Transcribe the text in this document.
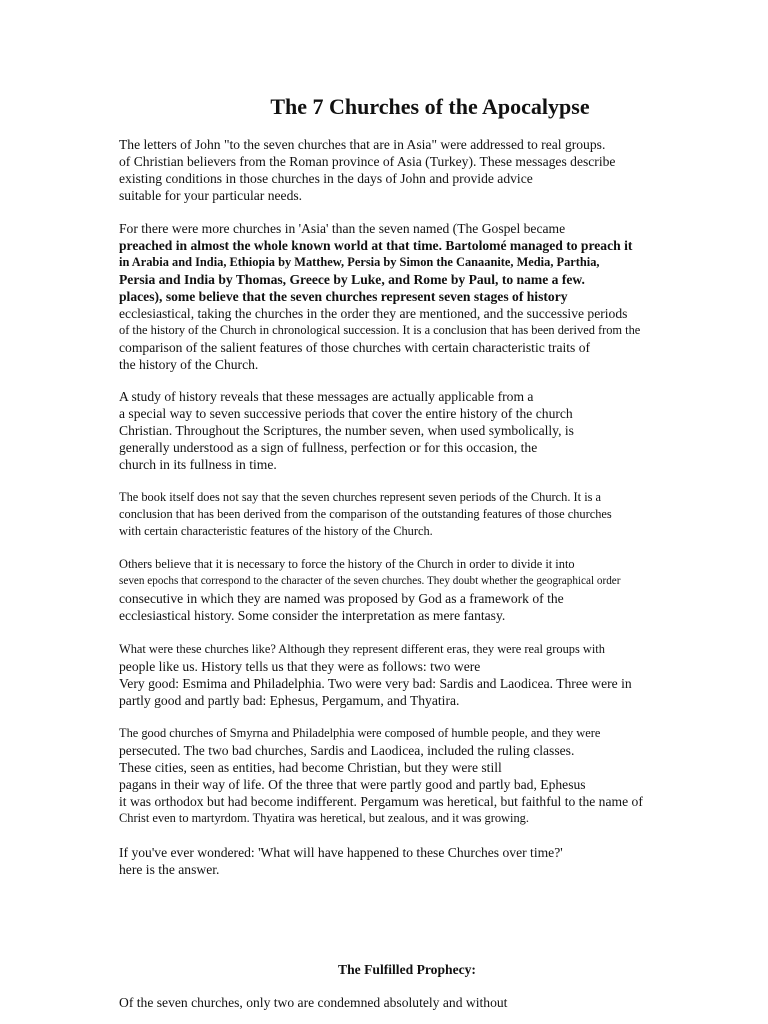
The 7 Churches of the Apocalypse
The letters of John "to the seven churches that are in Asia" were addressed to real groups.
of Christian believers from the Roman province of Asia (Turkey). These messages describe
existing conditions in those churches in the days of John and provide advice
suitable for your particular needs.
For there were more churches in 'Asia' than the seven named (The Gospel became
preached in almost the whole known world at that time. Bartolomé managed to preach it
in Arabia and India, Ethiopia by Matthew, Persia by Simon the Canaanite, Media, Parthia,
Persia and India by Thomas, Greece by Luke, and Rome by Paul, to name a few.
places), some believe that the seven churches represent seven stages of history
ecclesiastical, taking the churches in the order they are mentioned, and the successive periods
of the history of the Church in chronological succession. It is a conclusion that has been derived from the
comparison of the salient features of those churches with certain characteristic traits of
the history of the Church.
A study of history reveals that these messages are actually applicable from a
a special way to seven successive periods that cover the entire history of the church
Christian. Throughout the Scriptures, the number seven, when used symbolically, is
generally understood as a sign of fullness, perfection or for this occasion, the
church in its fullness in time.
The book itself does not say that the seven churches represent seven periods of the Church. It is a
conclusion that has been derived from the comparison of the outstanding features of those churches
with certain characteristic features of the history of the Church.
Others believe that it is necessary to force the history of the Church in order to divide it into
seven epochs that correspond to the character of the seven churches. They doubt whether the geographical order
consecutive in which they are named was proposed by God as a framework of the
ecclesiastical history. Some consider the interpretation as mere fantasy.
What were these churches like? Although they represent different eras, they were real groups with
people like us. History tells us that they were as follows: two were
Very good: Esmima and Philadelphia. Two were very bad: Sardis and Laodicea. Three were in
partly good and partly bad: Ephesus, Pergamum, and Thyatira.
The good churches of Smyrna and Philadelphia were composed of humble people, and they were
persecuted. The two bad churches, Sardis and Laodicea, included the ruling classes.
These cities, seen as entities, had become Christian, but they were still
pagans in their way of life. Of the three that were partly good and partly bad, Ephesus
it was orthodox but had become indifferent. Pergamum was heretical, but faithful to the name of
Christ even to martyrdom. Thyatira was heretical, but zealous, and it was growing.
If you've ever wondered: 'What will have happened to these Churches over time?'
here is the answer.
The Fulfilled Prophecy:
Of the seven churches, only two are condemned absolutely and without
